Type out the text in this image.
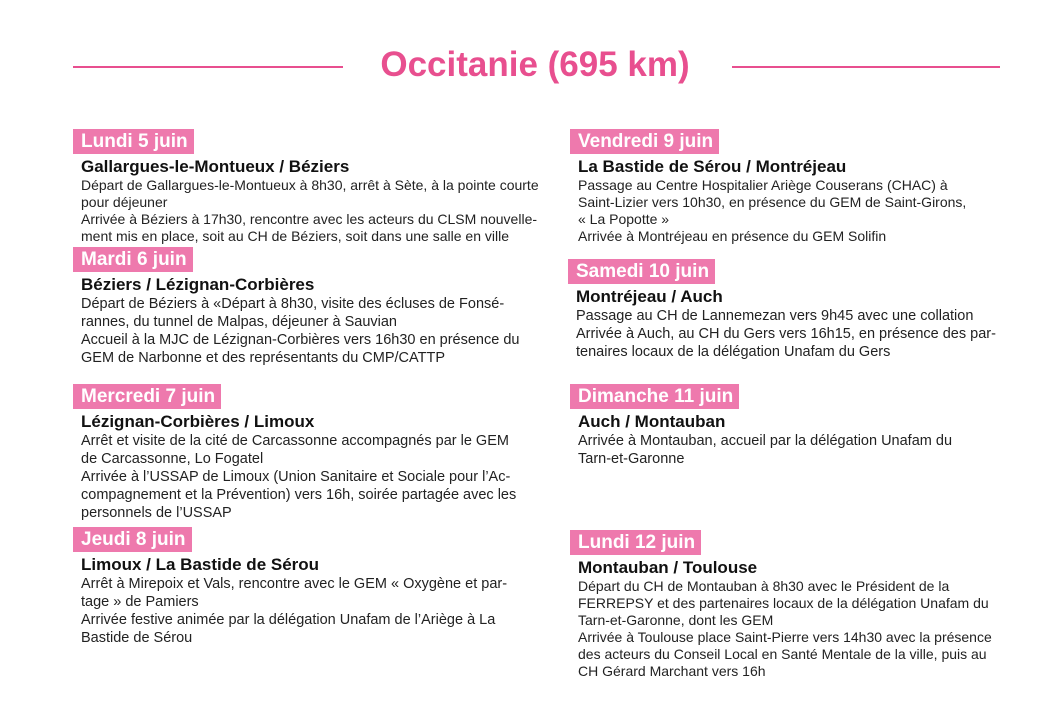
Occitanie (695 km)
Lundi 5 juin
Gallargues-le-Montueux / Béziers
Départ de Gallargues-le-Montueux à 8h30, arrêt à Sète, à la pointe courte
pour déjeuner
Arrivée à Béziers à 17h30, rencontre avec les acteurs du CLSM nouvelle-
ment mis en place, soit au CH de Béziers, soit dans une salle en ville
Mardi 6 juin
Béziers / Lézignan-Corbières
Départ de Béziers à «Départ à 8h30, visite des écluses de Fonsé-
rannes, du tunnel de Malpas, déjeuner à Sauvian
Accueil à la MJC de Lézignan-Corbières vers 16h30 en présence du
GEM de Narbonne et des représentants du CMP/CATTP
Mercredi 7 juin
Lézignan-Corbières / Limoux
Arrêt et visite de la cité de Carcassonne accompagnés par le GEM
de Carcassonne, Lo Fogatel
Arrivée à l’USSAP de Limoux (Union Sanitaire et Sociale pour l’Ac-
compagnement et la Prévention) vers 16h, soirée partagée avec les
personnels de l’USSAP
Jeudi 8 juin
Limoux / La Bastide de Sérou
Arrêt à Mirepoix et Vals, rencontre avec le GEM « Oxygène et par-
tage » de Pamiers
Arrivée festive animée par la délégation Unafam de l’Ariège à La
Bastide de Sérou
Vendredi 9 juin
La Bastide de Sérou / Montréjeau
Passage au Centre Hospitalier Ariège Couserans (CHAC) à
Saint-Lizier vers 10h30, en présence du GEM de Saint-Girons,
« La Popotte »
Arrivée à Montréjeau en présence du GEM Solifin
Samedi 10 juin
Montréjeau / Auch
Passage au CH de Lannemezan vers 9h45 avec une collation
Arrivée à Auch, au CH du Gers vers 16h15, en présence des par-
tenaires locaux de la délégation Unafam du Gers
Dimanche 11 juin
Auch / Montauban
Arrivée à Montauban, accueil par la délégation Unafam du
Tarn-et-Garonne
Lundi 12 juin
Montauban / Toulouse
Départ du CH de Montauban à 8h30 avec le Président de la
FERREPSY et des partenaires locaux de la délégation Unafam du
Tarn-et-Garonne, dont les GEM
Arrivée à Toulouse place Saint-Pierre vers 14h30 avec la présence
des acteurs du Conseil Local en Santé Mentale de la ville, puis au
CH Gérard Marchant vers 16h
